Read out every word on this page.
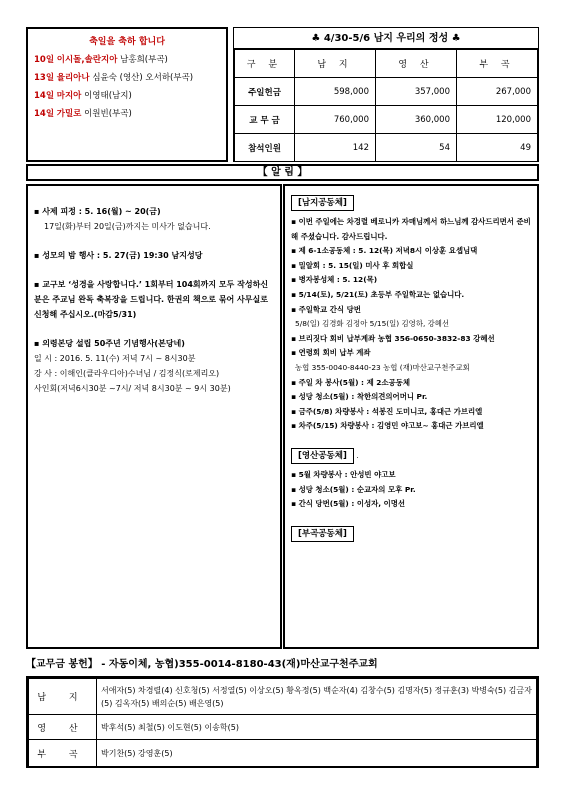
축일을 축하 합니다
10일 이시돌,솔란지아 남홍희(부곡)
13일 율리아나 심윤숙 (영산) 오서하(부곡)
14일 마지아 이영태(남지)
14일 가밀로 이원빈(부곡)
♣ 4/30-5/6 남지 우리의 정성 ♣
구 분	남 지	영 산	부 곡
주일헌금	598,000	357,000	267,000
교 무 금	760,000	360,000	120,000
참석인원	142	54	49
【 알 림 】
▪ 사제 피정 : 5. 16(월) ~ 20(금)
17일(화)부터 20일(금)까지는 미사가 없습니다.
▪ 성모의 밤 행사 : 5. 27(금) 19:30 남지성당
▪ 교구보 ‘성경을 사랑합니다.’ 1회부터 104회까지 모두 작성하신 분은 주교님 완독 축복장을 드립니다. 한권의 책으로 묶어 사무실로 신청해 주십시오.(마감5/31)
▪ 의령본당 설립 50주년 기념행사(본당네)
일 시 : 2016. 5. 11(수) 저녁 7시 ~ 8시30분
강 사 : 이해인(클라우디아)수녀님 / 김정식(로제리오)
사인회(저녁6시30분 ~7시/ 저녁 8시30분 ~ 9시 30분)
[남지공동체]
▪ 이번 주일에는 차경렬 베로니카 자매님께서 하느님께 감사드리면서 준비해 주셨습니다. 감사드립니다.
▪ 제 6-1소공동체 : 5. 12(목) 저녁8시 이상훈 요셉님댁
▪ 밀알회 : 5. 15(일) 미사 후 회합실
▪ 병자봉성체 : 5. 12(목)
▪ 5/14(토), 5/21(토) 초등부 주일학교는 없습니다.
▪ 주일학교 간식 당번
5/8(일) 김경화 김정아 5/15(일) 김영하, 강혜선
▪ 브리짓다 회비 납부계좌 농협 356-0650-3832-83 강혜선
▪ 연령회 회비 납부 계좌
농협 355-0040-8440-23 농협 (재)마산교구천주교회
▪ 주일 차 봉사(5월) : 제 2소공동체
▪ 성당 청소(5월) : 착한의견의어머니 Pr.
▪ 금주(5/8) 차량봉사 : 석봉진 도미니코, 홍대근 가브리엘
▪ 차주(5/15) 차량봉사 : 김영민 야고보~ 홍대근 가브리엘
[영산공동체] .
▪ 5월 차량봉사 : 안성빈 야고보
▪ 성당 청소(5월) : 순교자의 모후 Pr.
▪ 간식 당번(5월) : 이성자, 이명선
[부곡공동체]
【교무금 봉헌】 - 자동이체, 농협)355-0014-8180-43(재)마산교구천주교회
남 지	서애자(5) 차경렬(4) 신호청(5) 서정열(5) 이상오(5) 황옥정(5) 백순자(4) 김창수(5) 김명자(5) 정규훈(3) 박병숙(5) 김금자(5) 김옥자(5) 배의순(5) 배은영(5)
영 산	박후석(5) 최철(5) 이도현(5) 이송학(5)
부 곡	박기찬(5) 강영훈(5)
